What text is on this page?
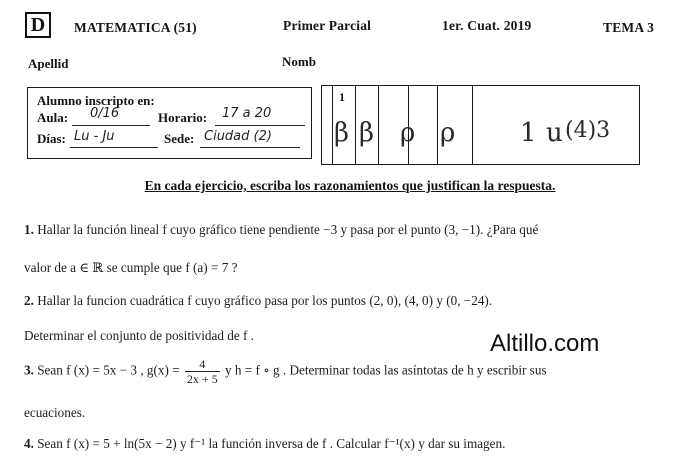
D	MATEMATICA (51)	Primer Parcial	1er. Cuat. 2019	TEMA 3
Apellid	Nomb
Alumno inscripto en:
Aula: 0/16	Horario: 17 a 20
Días: Lu - Ju	Sede: Ciudad (2)
1
β β ρ ρ 1 u (4)3
En cada ejercicio, escriba los razonamientos que justifican la respuesta.
1. Hallar la función lineal f cuyo gráfico tiene pendiente −3 y pasa por el punto (3, −1). ¿Para qué
valor de a ∈ ℝ se cumple que f (a) = 7 ?
2. Hallar la funcion cuadrática f cuyo gráfico pasa por los puntos (2, 0), (4, 0) y (0, −24).
Determinar el conjunto de positividad de f .
3. Sean f (x) = 5x − 3 , $g(x) = \frac{4}{2x + 5}$ y h = f ∘ g . Determinar todas las asíntotas de h y escribir sus
ecuaciones.
4. Sean f (x) = 5 + ln(5x − 2) y f⁻¹ la función inversa de f . Calcular f⁻¹(x) y dar su imagen.
Altillo.com
